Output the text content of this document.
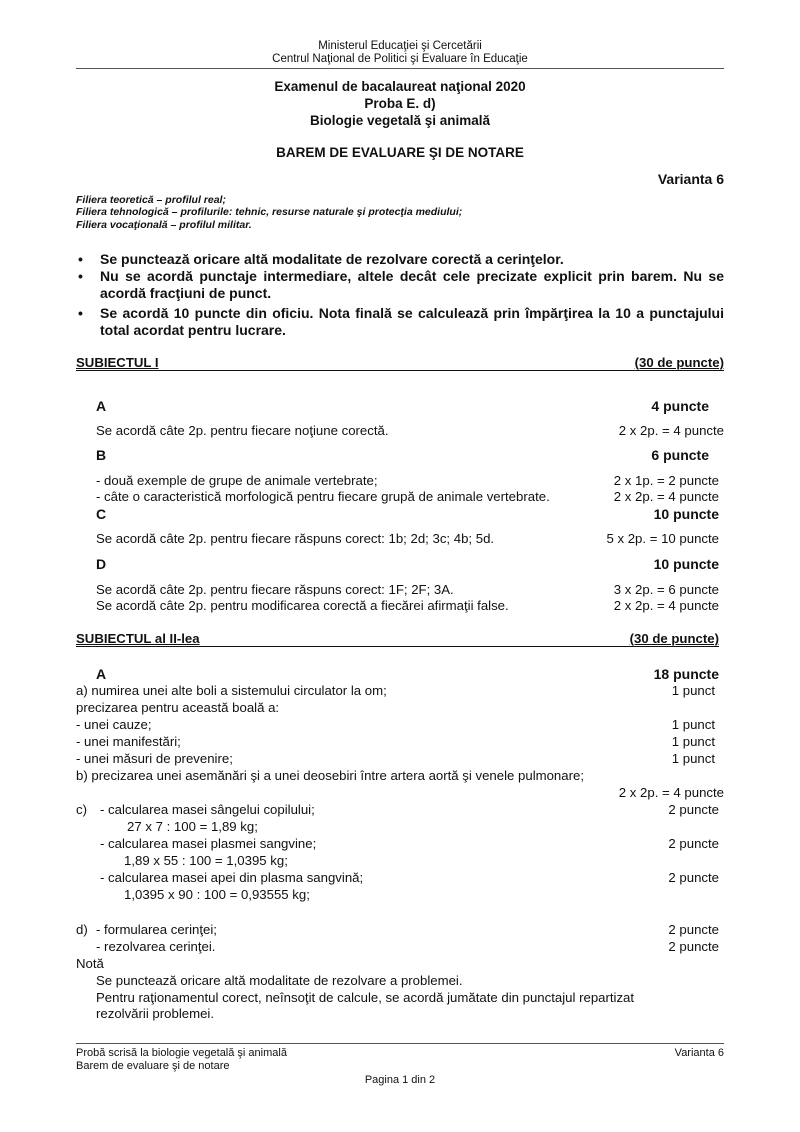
Ministerul Educaţiei şi Cercetării
Centrul Naţional de Politici şi Evaluare în Educaţie
Examenul de bacalaureat naţional 2020
Proba E. d)
Biologie vegetală şi animală
BAREM DE EVALUARE ŞI DE NOTARE
Varianta 6
Filiera teoretică – profilul real;
Filiera tehnologică – profilurile: tehnic, resurse naturale şi protecţia mediului;
Filiera vocaţională – profilul militar.
• Se punctează oricare altă modalitate de rezolvare corectă a cerinţelor.
• Nu se acordă punctaje intermediare, altele decât cele precizate explicit prin barem. Nu se acordă fracţiuni de punct.
• Se acordă 10 puncte din oficiu. Nota finală se calculează prin împărţirea la 10 a punctajului total acordat pentru lucrare.
SUBIECTUL I	(30 de puncte)
A	4 puncte
Se acordă câte 2p. pentru fiecare noţiune corectă.	2 x 2p. = 4 puncte
B	6 puncte
- două exemple de grupe de animale vertebrate;	2 x 1p. = 2 puncte
- câte o caracteristică morfologică pentru fiecare grupă de animale vertebrate.	2 x 2p. = 4 puncte
C	10 puncte
Se acordă câte 2p. pentru fiecare răspuns corect: 1b; 2d; 3c; 4b; 5d.	5 x 2p. = 10 puncte
D	10 puncte
Se acordă câte 2p. pentru fiecare răspuns corect: 1F; 2F; 3A.	3 x 2p. = 6 puncte
Se acordă câte 2p. pentru modificarea corectă a fiecărei afirmaţii false.	2 x 2p. = 4 puncte
SUBIECTUL al II-lea	(30 de puncte)
A	18 puncte
a) numirea unei alte boli a sistemului circulator la om;	1 punct
precizarea pentru această boală a:
- unei cauze;	1 punct
- unei manifestări;	1 punct
- unei măsuri de prevenire;	1 punct
b) precizarea unei asemănări şi a unei deosebiri între artera aortă şi venele pulmonare;
2 x 2p. = 4 puncte
c) - calcularea masei sângelui copilului;	2 puncte
27 x 7 : 100 = 1,89 kg;
- calcularea masei plasmei sangvine;	2 puncte
1,89 x 55 : 100 = 1,0395 kg;
- calcularea masei apei din plasma sangvină;	2 puncte
1,0395 x 90 : 100 = 0,93555 kg;
d) - formularea cerinţei;	2 puncte
- rezolvarea cerinţei.	2 puncte
Notă
Se punctează oricare altă modalitate de rezolvare a problemei.
Pentru raţionamentul corect, neînsoţit de calcule, se acordă jumătate din punctajul repartizat
rezolvării problemei.
Probă scrisă la biologie vegetală şi animală
Barem de evaluare şi de notare
Varianta 6
Pagina 1 din 2
